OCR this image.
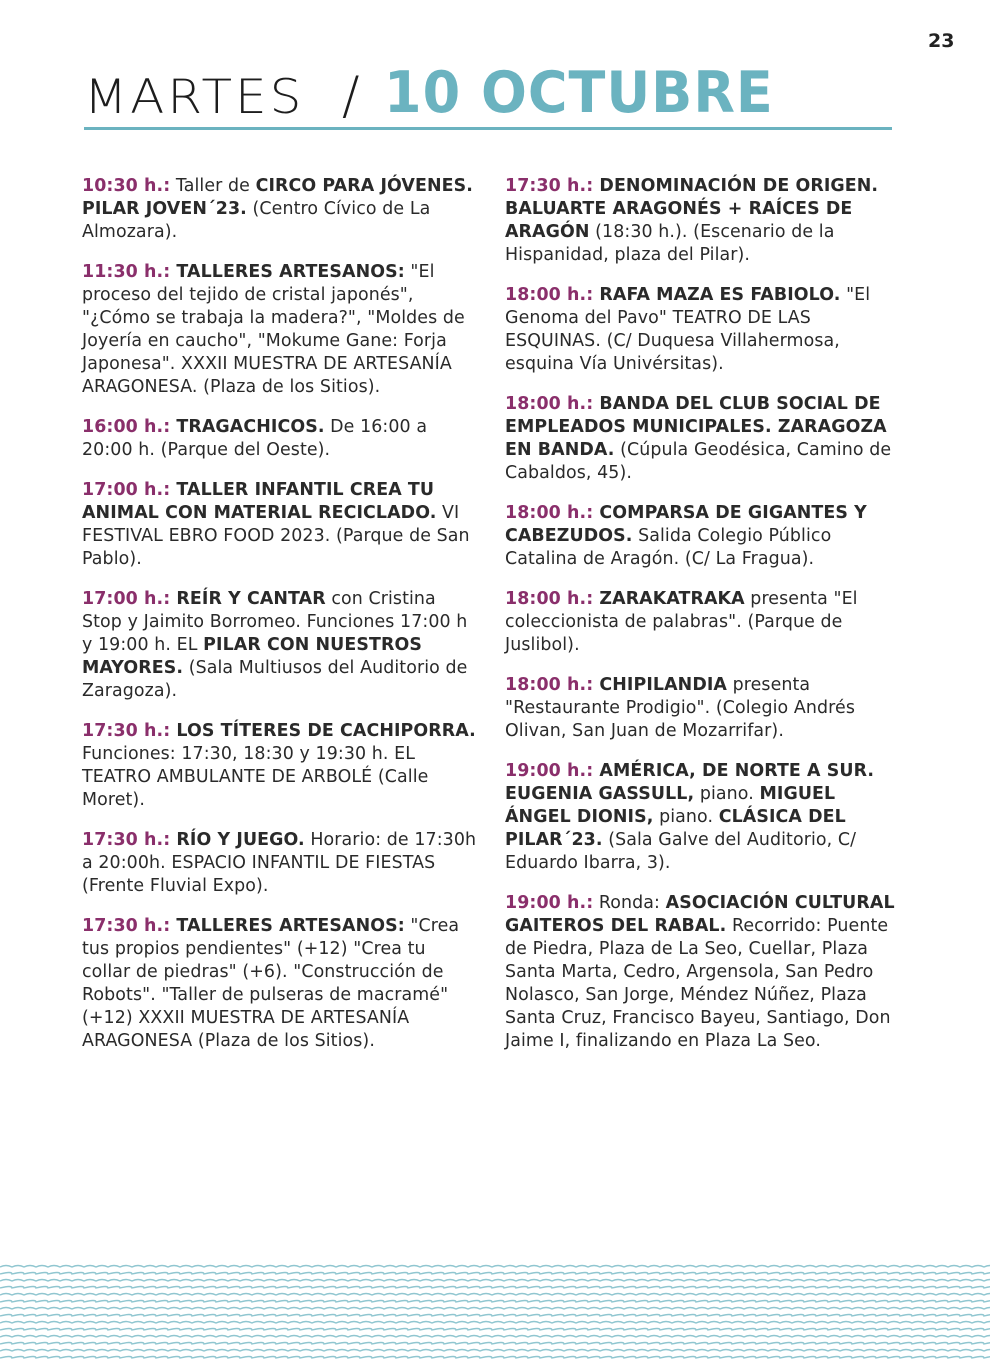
23
MARTES / 10 OCTUBRE
10:30 h.: Taller de CIRCO PARA JÓVENES. PILAR JOVEN´23. (Centro Cívico de La Almozara).
11:30 h.: TALLERES ARTESANOS: "El proceso del tejido de cristal japonés", "¿Cómo se trabaja la madera?", "Moldes de Joyería en caucho", "Mokume Gane: Forja Japonesa". XXXII MUESTRA DE ARTESANÍA ARAGONESA. (Plaza de los Sitios).
16:00 h.: TRAGACHICOS. De 16:00 a 20:00 h. (Parque del Oeste).
17:00 h.: TALLER INFANTIL CREA TU ANIMAL CON MATERIAL RECICLADO. VI FESTIVAL EBRO FOOD 2023. (Parque de San Pablo).
17:00 h.: REÍR Y CANTAR con Cristina Stop y Jaimito Borromeo. Funciones 17:00 h y 19:00 h. EL PILAR CON NUESTROS MAYORES. (Sala Multiusos del Auditorio de Zaragoza).
17:30 h.: LOS TÍTERES DE CACHIPORRA. Funciones: 17:30, 18:30 y 19:30 h. EL TEATRO AMBULANTE DE ARBOLÉ (Calle Moret).
17:30 h.: RÍO Y JUEGO. Horario: de 17:30h a 20:00h. ESPACIO INFANTIL DE FIESTAS (Frente Fluvial Expo).
17:30 h.: TALLERES ARTESANOS: "Crea tus propios pendientes" (+12) "Crea tu collar de piedras" (+6). "Construcción de Robots". "Taller de pulseras de macramé" (+12) XXXII MUESTRA DE ARTESANÍA ARAGONESA (Plaza de los Sitios).
17:30 h.: DENOMINACIÓN DE ORIGEN. BALUARTE ARAGONÉS + RAÍCES DE ARAGÓN (18:30 h.). (Escenario de la Hispanidad, plaza del Pilar).
18:00 h.: RAFA MAZA ES FABIOLO. "El Genoma del Pavo" TEATRO DE LAS ESQUINAS. (C/ Duquesa Villahermosa, esquina Vía Univérsitas).
18:00 h.: BANDA DEL CLUB SOCIAL DE EMPLEADOS MUNICIPALES. ZARAGOZA EN BANDA. (Cúpula Geodésica, Camino de Cabaldos, 45).
18:00 h.: COMPARSA DE GIGANTES Y CABEZUDOS. Salida Colegio Público Catalina de Aragón. (C/ La Fragua).
18:00 h.: ZARAKATRAKA presenta "El coleccionista de palabras". (Parque de Juslibol).
18:00 h.: CHIPILANDIA presenta "Restaurante Prodigio". (Colegio Andrés Olivan, San Juan de Mozarrifar).
19:00 h.: AMÉRICA, DE NORTE A SUR. EUGENIA GASSULL, piano. MIGUEL ÁNGEL DIONIS, piano. CLÁSICA DEL PILAR´23. (Sala Galve del Auditorio, C/ Eduardo Ibarra, 3).
19:00 h.: Ronda: ASOCIACIÓN CULTURAL GAITEROS DEL RABAL. Recorrido: Puente de Piedra, Plaza de La Seo, Cuellar, Plaza Santa Marta, Cedro, Argensola, San Pedro Nolasco, San Jorge, Méndez Núñez, Plaza Santa Cruz, Francisco Bayeu, Santiago, Don Jaime I, finalizando en Plaza La Seo.
